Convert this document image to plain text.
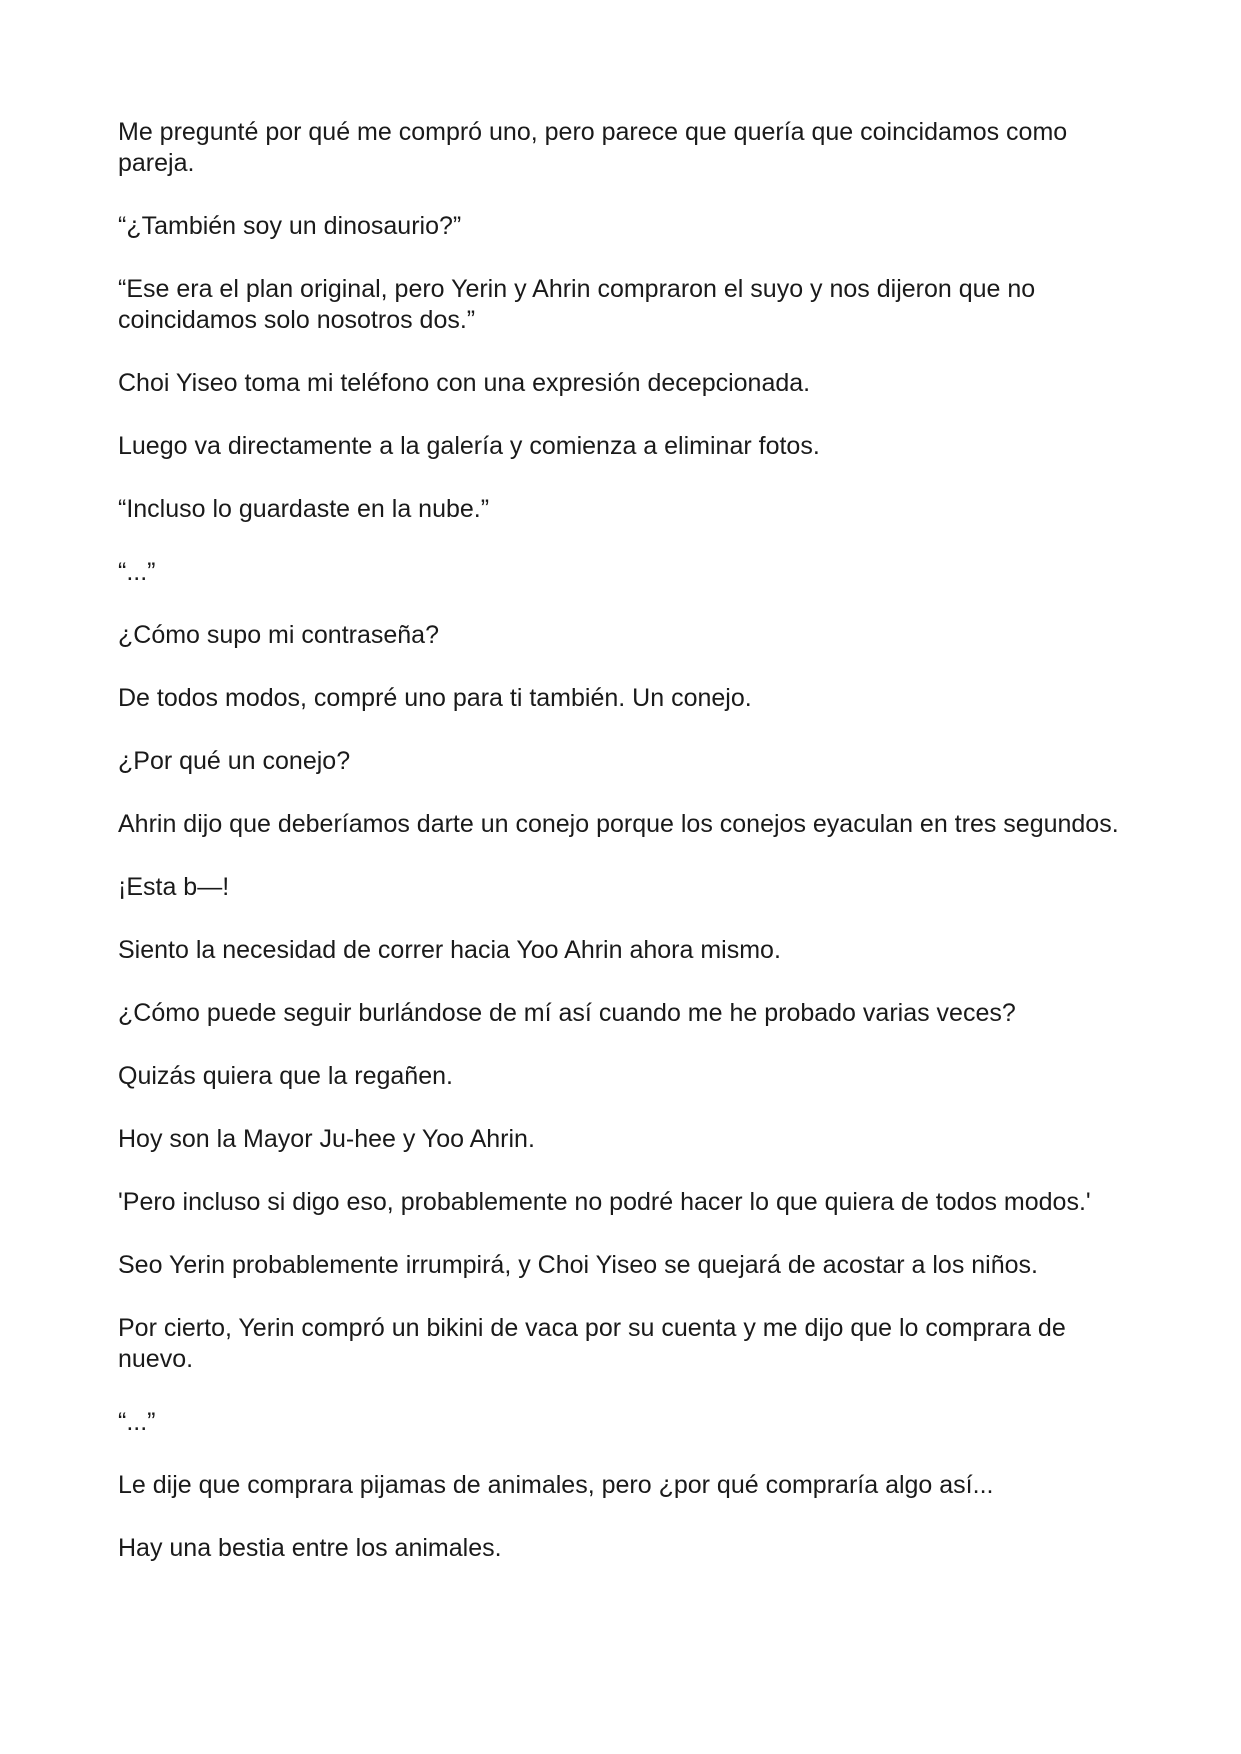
Me pregunté por qué me compró uno, pero parece que quería que coincidamos como pareja.

“¿También soy un dinosaurio?”

“Ese era el plan original, pero Yerin y Ahrin compraron el suyo y nos dijeron que no coincidamos solo nosotros dos.”

Choi Yiseo toma mi teléfono con una expresión decepcionada.

Luego va directamente a la galería y comienza a eliminar fotos.

“Incluso lo guardaste en la nube.”

“...”

¿Cómo supo mi contraseña?

De todos modos, compré uno para ti también. Un conejo.

¿Por qué un conejo?

Ahrin dijo que deberíamos darte un conejo porque los conejos eyaculan en tres segundos.

¡Esta b—!

Siento la necesidad de correr hacia Yoo Ahrin ahora mismo.

¿Cómo puede seguir burlándose de mí así cuando me he probado varias veces?

Quizás quiera que la regañen.

Hoy son la Mayor Ju-hee y Yoo Ahrin.

'Pero incluso si digo eso, probablemente no podré hacer lo que quiera de todos modos.'

Seo Yerin probablemente irrumpirá, y Choi Yiseo se quejará de acostar a los niños.

Por cierto, Yerin compró un bikini de vaca por su cuenta y me dijo que lo comprara de nuevo.

“...”

Le dije que comprara pijamas de animales, pero ¿por qué compraría algo así...

Hay una bestia entre los animales.
